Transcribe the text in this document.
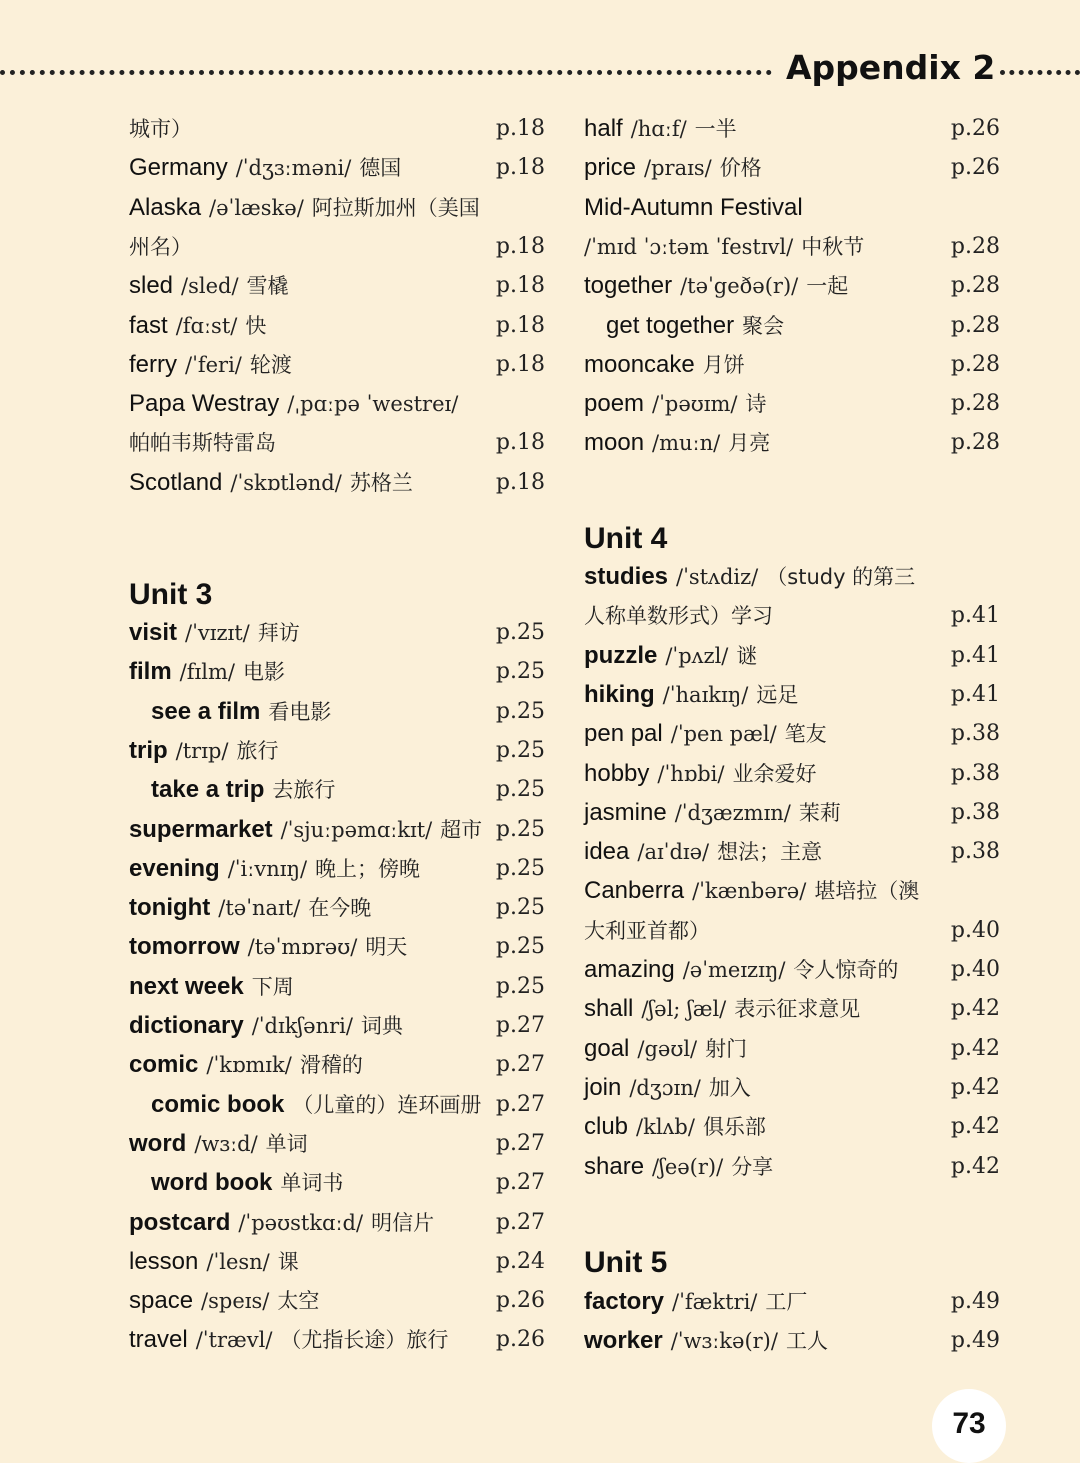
Appendix 2
Unit 3
城市）	p.18
Germany /ˈdʒɜːməni/ 德国	p.18
Alaska /əˈlæskə/ 阿拉斯加州（美国
州名）	p.18
sled /sled/ 雪橇	p.18
fast /fɑːst/ 快	p.18
ferry /ˈferi/ 轮渡	p.18
Papa Westray /ˌpɑːpə ˈwestreɪ/
帕帕韦斯特雷岛	p.18
Scotland /ˈskɒtlənd/ 苏格兰	p.18
visit /ˈvɪzɪt/ 拜访	p.25
film /fɪlm/ 电影	p.25
see a film 看电影	p.25
trip /trɪp/ 旅行	p.25
take a trip 去旅行	p.25
supermarket /ˈsjuːpəmɑːkɪt/ 超市 p.25
evening /ˈiːvnɪŋ/ 晚上；傍晚	p.25
tonight /təˈnaɪt/ 在今晚	p.25
tomorrow /təˈmɒrəʊ/ 明天	p.25
next week 下周	p.25
dictionary /ˈdɪkʃənri/ 词典	p.27
comic /ˈkɒmɪk/ 滑稽的	p.27
comic book （儿童的）连环画册 p.27
word /wɜːd/ 单词	p.27
word book 单词书	p.27
postcard /ˈpəʊstkɑːd/ 明信片	p.27
lesson /ˈlesn/ 课	p.24
space /speɪs/ 太空	p.26
travel /ˈtrævl/ （尤指长途）旅行	p.26
Unit 4
Unit 5
half /hɑːf/ 一半	p.26
price /praɪs/ 价格	p.26
Mid-Autumn Festival
/ˈmɪd ˈɔːtəm ˈfestɪvl/ 中秋节	p.28
together /təˈgeðə(r)/ 一起	p.28
get together 聚会	p.28
mooncake 月饼	p.28
poem /ˈpəʊɪm/ 诗	p.28
moon /muːn/ 月亮	p.28
studies /ˈstʌdiz/ （study 的第三
人称单数形式）学习	p.41
puzzle /ˈpʌzl/ 谜	p.41
hiking /ˈhaɪkɪŋ/ 远足	p.41
pen pal /ˈpen pæl/ 笔友	p.38
hobby /ˈhɒbi/ 业余爱好	p.38
jasmine /ˈdʒæzmɪn/ 茉莉	p.38
idea /aɪˈdɪə/ 想法；主意	p.38
Canberra /ˈkænbərə/ 堪培拉（澳
大利亚首都）	p.40
amazing /əˈmeɪzɪŋ/ 令人惊奇的	p.40
shall /ʃəl; ʃæl/ 表示征求意见	p.42
goal /gəʊl/ 射门	p.42
join /dʒɔɪn/ 加入	p.42
club /klʌb/ 俱乐部	p.42
share /ʃeə(r)/ 分享	p.42
factory /ˈfæktri/ 工厂	p.49
worker /ˈwɜːkə(r)/ 工人	p.49
73
